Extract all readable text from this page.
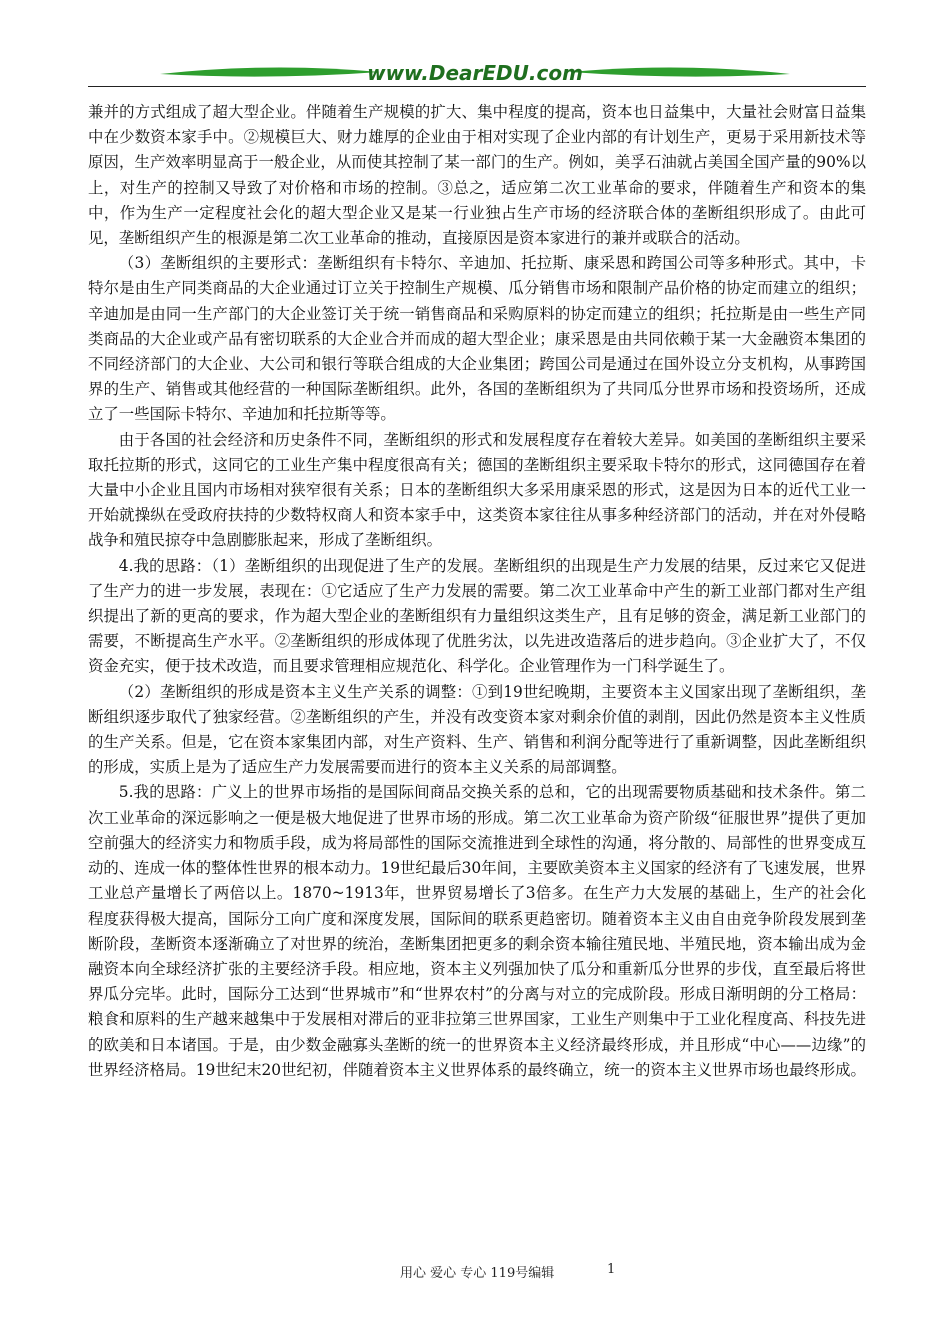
www.DearEDU.com

兼并的方式组成了超大型企业。伴随着生产规模的扩大、集中程度的提高，资本也日益集中，大量社会财富日益集中在少数资本家手中。②规模巨大、财力雄厚的企业由于相对实现了企业内部的有计划生产，更易于采用新技术等原因，生产效率明显高于一般企业，从而使其控制了某一部门的生产。例如，美孚石油就占美国全国产量的90%以上，对生产的控制又导致了对价格和市场的控制。③总之，适应第二次工业革命的要求，伴随着生产和资本的集中，作为生产一定程度社会化的超大型企业又是某一行业独占生产市场的经济联合体的垄断组织形成了。由此可见，垄断组织产生的根源是第二次工业革命的推动，直接原因是资本家进行的兼并或联合的活动。

（3）垄断组织的主要形式：垄断组织有卡特尔、辛迪加、托拉斯、康采恩和跨国公司等多种形式。其中，卡特尔是由生产同类商品的大企业通过订立关于控制生产规模、瓜分销售市场和限制产品价格的协定而建立的组织；辛迪加是由同一生产部门的大企业签订关于统一销售商品和采购原料的协定而建立的组织；托拉斯是由一些生产同类商品的大企业或产品有密切联系的大企业合并而成的超大型企业；康采恩是由共同依赖于某一大金融资本集团的不同经济部门的大企业、大公司和银行等联合组成的大企业集团；跨国公司是通过在国外设立分支机构，从事跨国界的生产、销售或其他经营的一种国际垄断组织。此外，各国的垄断组织为了共同瓜分世界市场和投资场所，还成立了一些国际卡特尔、辛迪加和托拉斯等等。

由于各国的社会经济和历史条件不同，垄断组织的形式和发展程度存在着较大差异。如美国的垄断组织主要采取托拉斯的形式，这同它的工业生产集中程度很高有关；德国的垄断组织主要采取卡特尔的形式，这同德国存在着大量中小企业且国内市场相对狭窄很有关系；日本的垄断组织大多采用康采恩的形式，这是因为日本的近代工业一开始就操纵在受政府扶持的少数特权商人和资本家手中，这类资本家往往从事多种经济部门的活动，并在对外侵略战争和殖民掠夺中急剧膨胀起来，形成了垄断组织。

4.我的思路：（1）垄断组织的出现促进了生产的发展。垄断组织的出现是生产力发展的结果，反过来它又促进了生产力的进一步发展，表现在：①它适应了生产力发展的需要。第二次工业革命中产生的新工业部门都对生产组织提出了新的更高的要求，作为超大型企业的垄断组织有力量组织这类生产，且有足够的资金，满足新工业部门的需要，不断提高生产水平。②垄断组织的形成体现了优胜劣汰，以先进改造落后的进步趋向。③企业扩大了，不仅资金充实，便于技术改造，而且要求管理相应规范化、科学化。企业管理作为一门科学诞生了。

（2）垄断组织的形成是资本主义生产关系的调整：①到19世纪晚期，主要资本主义国家出现了垄断组织，垄断组织逐步取代了独家经营。②垄断组织的产生，并没有改变资本家对剩余价值的剥削，因此仍然是资本主义性质的生产关系。但是，它在资本家集团内部，对生产资料、生产、销售和利润分配等进行了重新调整，因此垄断组织的形成，实质上是为了适应生产力发展需要而进行的资本主义关系的局部调整。

5.我的思路：广义上的世界市场指的是国际间商品交换关系的总和，它的出现需要物质基础和技术条件。第二次工业革命的深远影响之一便是极大地促进了世界市场的形成。第二次工业革命为资产阶级“征服世界”提供了更加空前强大的经济实力和物质手段，成为将局部性的国际交流推进到全球性的沟通，将分散的、局部性的世界变成互动的、连成一体的整体性世界的根本动力。19世纪最后30年间，主要欧美资本主义国家的经济有了飞速发展，世界工业总产量增长了两倍以上。1870~1913年，世界贸易增长了3倍多。在生产力大发展的基础上，生产的社会化程度获得极大提高，国际分工向广度和深度发展，国际间的联系更趋密切。随着资本主义由自由竞争阶段发展到垄断阶段，垄断资本逐渐确立了对世界的统治，垄断集团把更多的剩余资本输往殖民地、半殖民地，资本输出成为金融资本向全球经济扩张的主要经济手段。相应地，资本主义列强加快了瓜分和重新瓜分世界的步伐，直至最后将世界瓜分完毕。此时，国际分工达到“世界城市”和“世界农村”的分离与对立的完成阶段。形成日渐明朗的分工格局：粮食和原料的生产越来越集中于发展相对滞后的亚非拉第三世界国家，工业生产则集中于工业化程度高、科技先进的欧美和日本诸国。于是，由少数金融寡头垄断的统一的世界资本主义经济最终形成，并且形成“中心——边缘”的世界经济格局。19世纪末20世纪初，伴随着资本主义世界体系的最终确立，统一的资本主义世界市场也最终形成。

用心 爱心 专心 119号编辑	1
